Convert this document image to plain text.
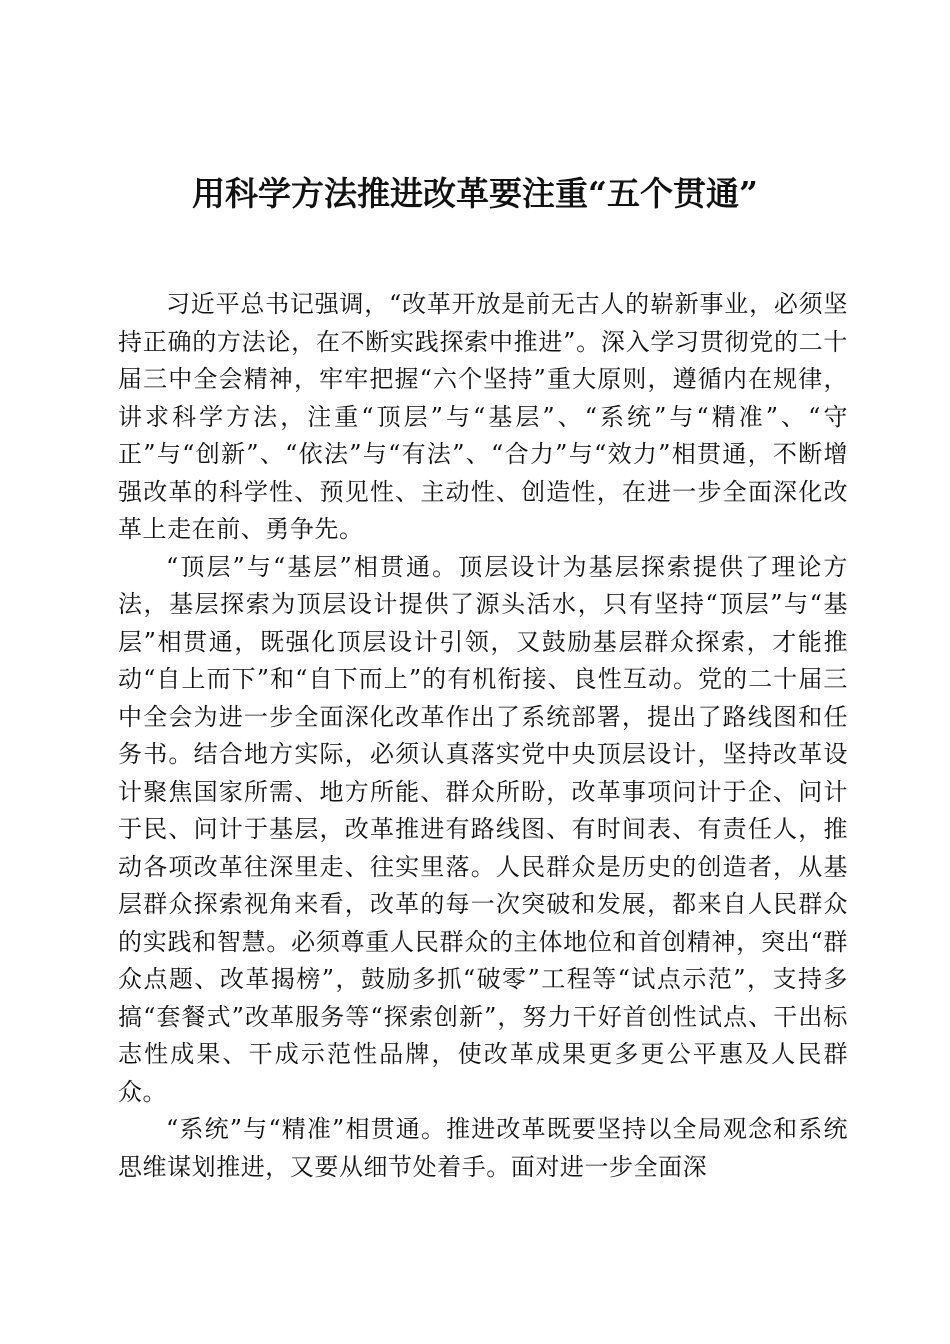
用科学方法推进改革要注重“五个贯通”

习近平总书记强调，“改革开放是前无古人的崭新事业，必须坚持正确的方法论，在不断实践探索中推进”。深入学习贯彻党的二十届三中全会精神，牢牢把握“六个坚持”重大原则，遵循内在规律，讲求科学方法，注重“顶层”与“基层”、“系统”与“精准”、“守正”与“创新”、“依法”与“有法”、“合力”与“效力”相贯通，不断增强改革的科学性、预见性、主动性、创造性，在进一步全面深化改革上走在前、勇争先。

“顶层”与“基层”相贯通。顶层设计为基层探索提供了理论方法，基层探索为顶层设计提供了源头活水，只有坚持“顶层”与“基层”相贯通，既强化顶层设计引领，又鼓励基层群众探索，才能推动“自上而下”和“自下而上”的有机衔接、良性互动。党的二十届三中全会为进一步全面深化改革作出了系统部署，提出了路线图和任务书。结合地方实际，必须认真落实党中央顶层设计，坚持改革设计聚焦国家所需、地方所能、群众所盼，改革事项问计于企、问计于民、问计于基层，改革推进有路线图、有时间表、有责任人，推动各项改革往深里走、往实里落。人民群众是历史的创造者，从基层群众探索视角来看，改革的每一次突破和发展，都来自人民群众的实践和智慧。必须尊重人民群众的主体地位和首创精神，突出“群众点题、改革揭榜”，鼓励多抓“破零”工程等“试点示范”，支持多搞“套餐式”改革服务等“探索创新”，努力干好首创性试点、干出标志性成果、干成示范性品牌，使改革成果更多更公平惠及人民群众。

“系统”与“精准”相贯通。推进改革既要坚持以全局观念和系统思维谋划推进，又要从细节处着手。面对进一步全面深
